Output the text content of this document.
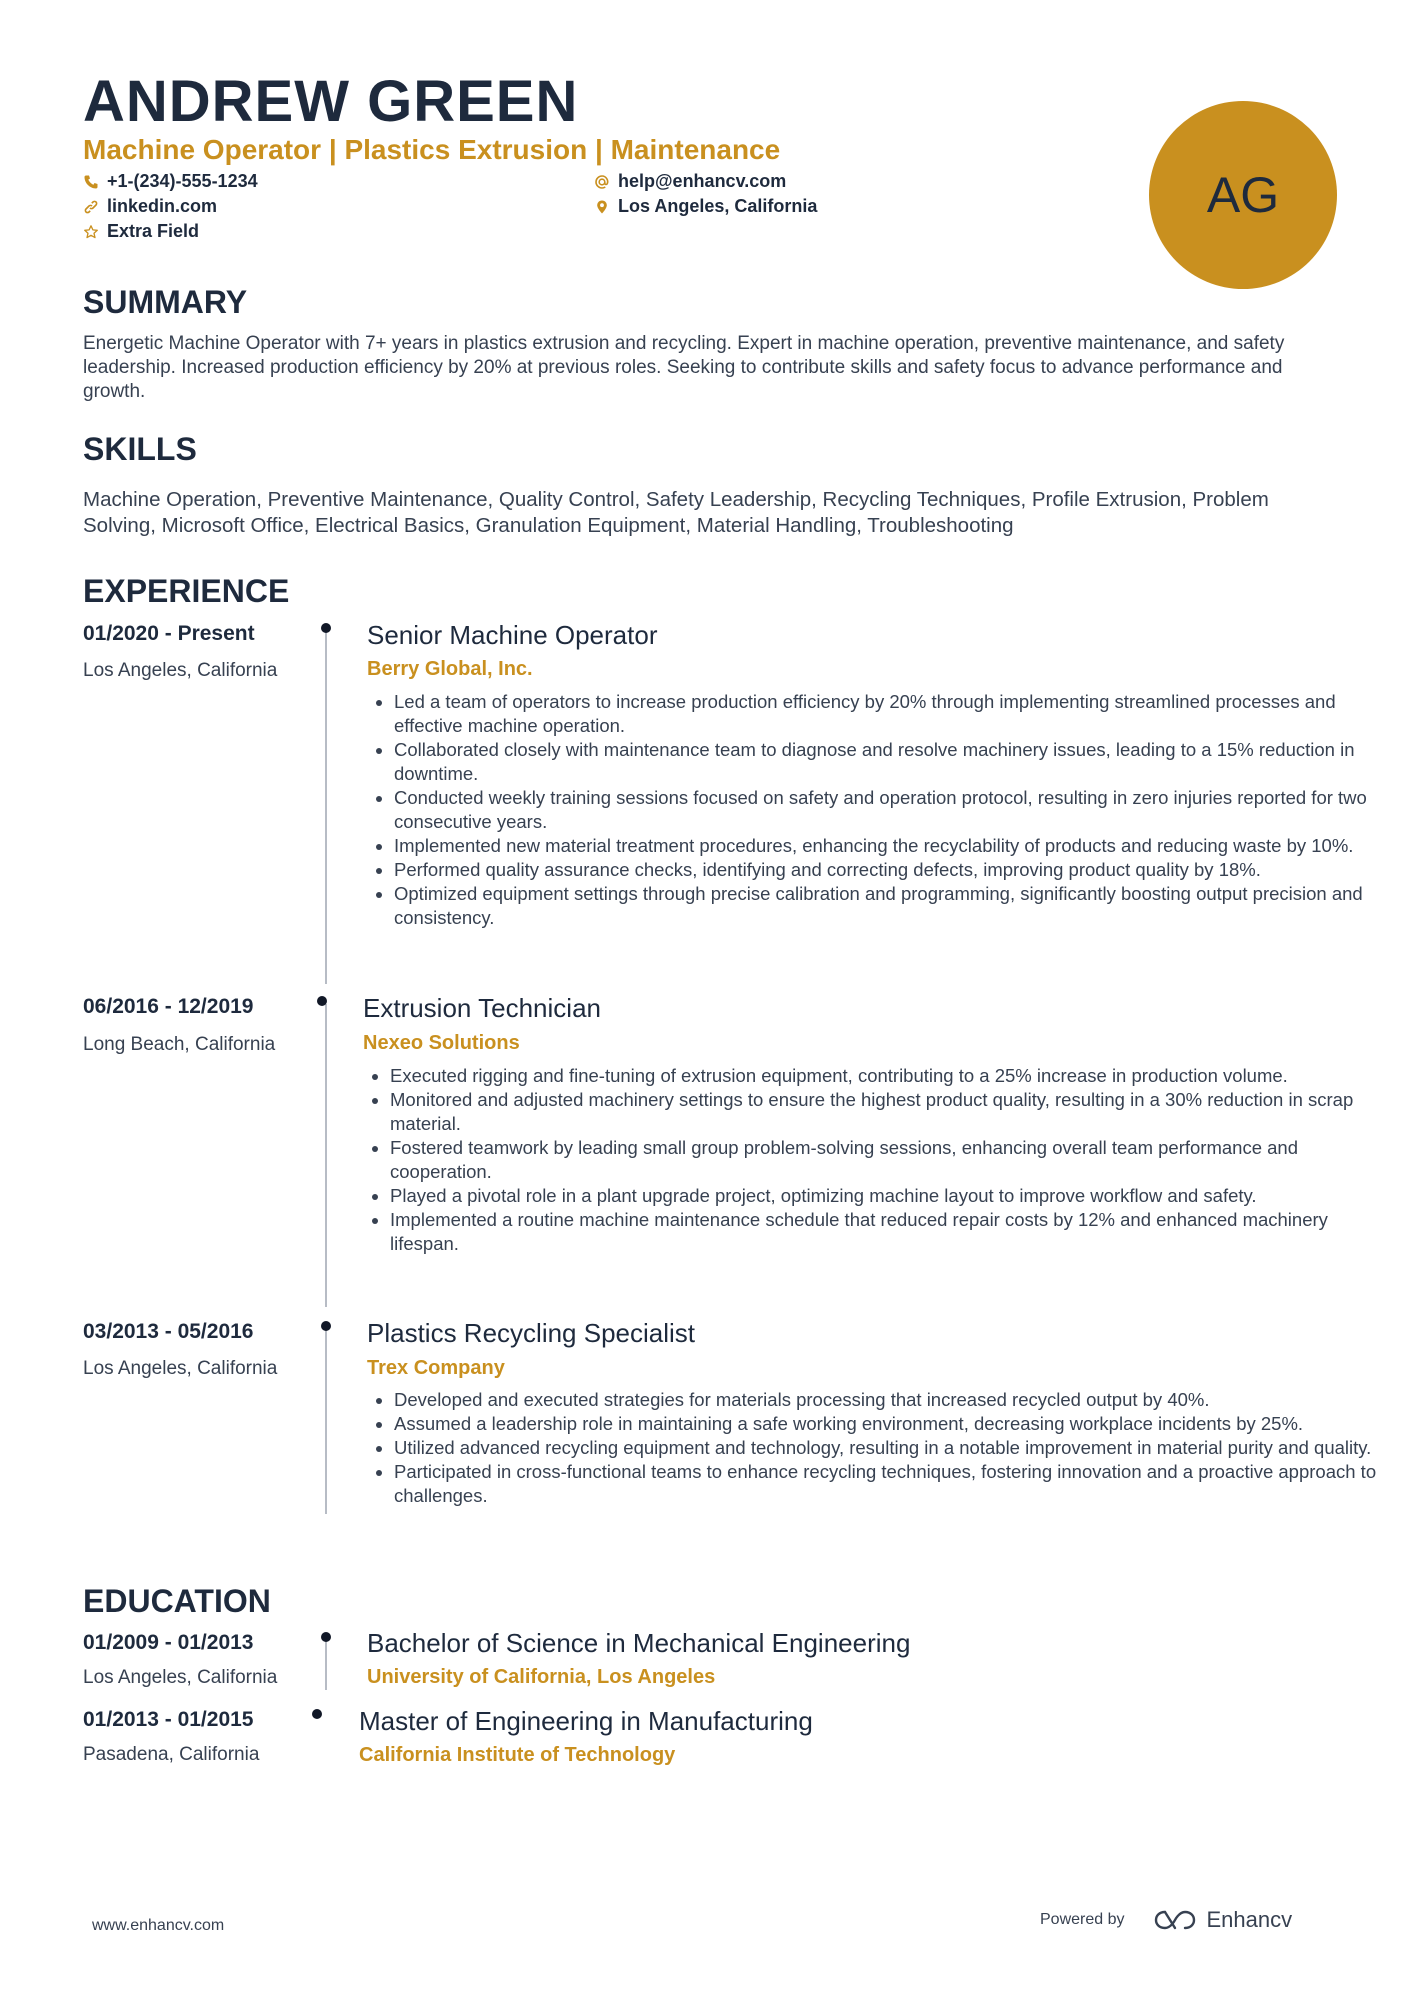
ANDREW GREEN
Machine Operator | Plastics Extrusion | Maintenance
+1-(234)-555-1234	help@enhancv.com
linkedin.com	Los Angeles, California
Extra Field
AG
SUMMARY
Energetic Machine Operator with 7+ years in plastics extrusion and recycling. Expert in machine operation, preventive maintenance, and safety leadership. Increased production efficiency by 20% at previous roles. Seeking to contribute skills and safety focus to advance performance and growth.
SKILLS
Machine Operation, Preventive Maintenance, Quality Control, Safety Leadership, Recycling Techniques, Profile Extrusion, Problem Solving, Microsoft Office, Electrical Basics, Granulation Equipment, Material Handling, Troubleshooting
EXPERIENCE
01/2020 - Present
Los Angeles, California
Senior Machine Operator
Berry Global, Inc.
• Led a team of operators to increase production efficiency by 20% through implementing streamlined processes and effective machine operation.
• Collaborated closely with maintenance team to diagnose and resolve machinery issues, leading to a 15% reduction in downtime.
• Conducted weekly training sessions focused on safety and operation protocol, resulting in zero injuries reported for two consecutive years.
• Implemented new material treatment procedures, enhancing the recyclability of products and reducing waste by 10%.
• Performed quality assurance checks, identifying and correcting defects, improving product quality by 18%.
• Optimized equipment settings through precise calibration and programming, significantly boosting output precision and consistency.
06/2016 - 12/2019
Long Beach, California
Extrusion Technician
Nexeo Solutions
• Executed rigging and fine-tuning of extrusion equipment, contributing to a 25% increase in production volume.
• Monitored and adjusted machinery settings to ensure the highest product quality, resulting in a 30% reduction in scrap material.
• Fostered teamwork by leading small group problem-solving sessions, enhancing overall team performance and cooperation.
• Played a pivotal role in a plant upgrade project, optimizing machine layout to improve workflow and safety.
• Implemented a routine machine maintenance schedule that reduced repair costs by 12% and enhanced machinery lifespan.
03/2013 - 05/2016
Los Angeles, California
Plastics Recycling Specialist
Trex Company
• Developed and executed strategies for materials processing that increased recycled output by 40%.
• Assumed a leadership role in maintaining a safe working environment, decreasing workplace incidents by 25%.
• Utilized advanced recycling equipment and technology, resulting in a notable improvement in material purity and quality.
• Participated in cross-functional teams to enhance recycling techniques, fostering innovation and a proactive approach to challenges.
EDUCATION
01/2009 - 01/2013
Los Angeles, California
Bachelor of Science in Mechanical Engineering
University of California, Los Angeles
01/2013 - 01/2015
Pasadena, California
Master of Engineering in Manufacturing
California Institute of Technology
www.enhancv.com	Powered by	Enhancv
